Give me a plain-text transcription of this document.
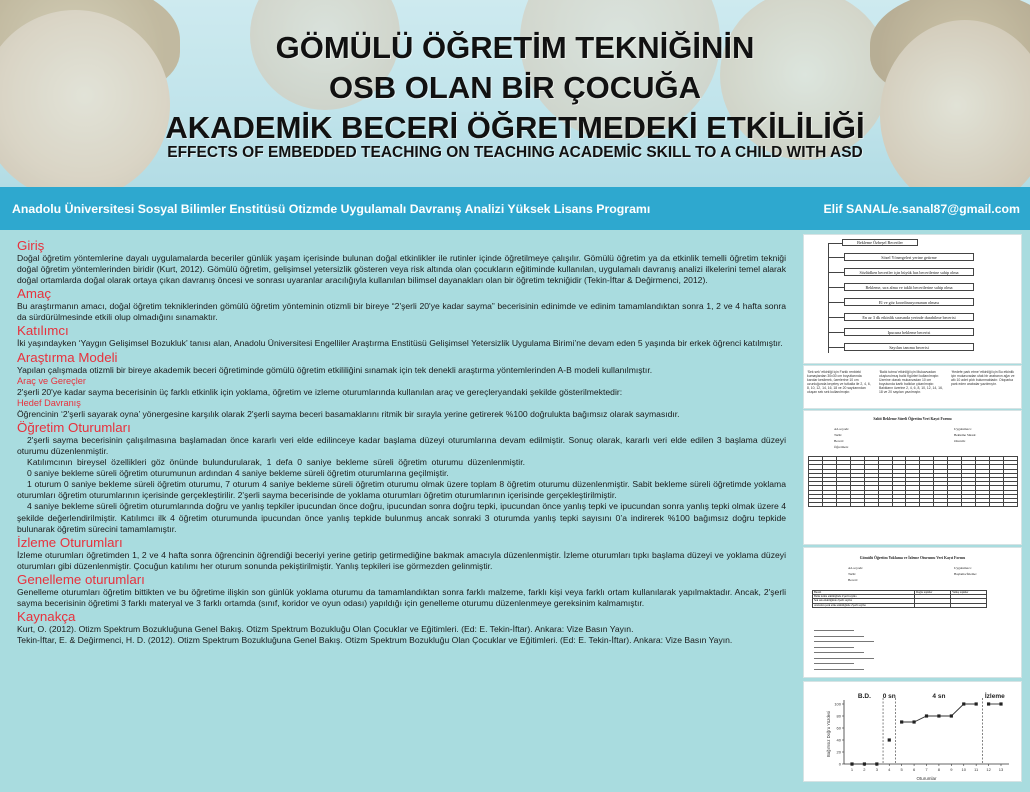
GÖMÜLÜ ÖĞRETİM TEKNİĞİNİN
OSB OLAN BİR ÇOCUĞA
AKADEMİK BECERİ ÖĞRETMEDEKİ ETKİLİLİĞİ
EFFECTS OF EMBEDDED TEACHING ON TEACHING ACADEMİC SKILL TO A CHILD WITH ASD
Anadolu Üniversitesi Sosyal Bilimler Enstitüsü Otizmde Uygulamalı Davranış Analizi Yüksek Lisans Programı	Elif SANAL/e.sanal87@gmail.com
Giriş

Doğal öğretim yöntemlerine dayalı uygulamalarda beceriler günlük yaşam içerisinde bulunan doğal etkinlikler ile rutinler içinde öğretilmeye çalışılır. Gömülü öğretim ya da etkinlik temelli öğretim tekniği doğal öğretim yöntemlerinden biridir (Kurt, 2012). Gömülü öğretim, gelişimsel yetersizlik gösteren veya risk altında olan çocukların eğitiminde kullanılan, uygulamalı davranış analizi ilkelerini temel alarak doğal ortamlarda doğal olarak ortaya çıkan davranış öncesi ve sonrası uyaranlar aracılığıyla kullanılan bilimsel dayanakları olan bir öğretim tekniğidir (Tekin-İftar & Değirmenci, 2012).

Amaç

Bu araştırmanın amacı, doğal öğretim tekniklerinden gömülü öğretim yönteminin otizmli bir bireye “2'şerli 20'ye kadar sayma” becerisinin edinimde ve edinim tamamlandıktan sonra 1, 2 ve 4 hafta sonra da sürdürülmesinde etkili olup olmadığını sınamaktır.

Katılımcı

İki yaşındayken ‘Yaygın Gelişimsel Bozukluk’ tanısı alan, Anadolu Üniversitesi Engelliler Araştırma Enstitüsü Gelişimsel Yetersizlik Uygulama Birimi’ne devam eden 5 yaşında bir erkek öğrenci katılmıştır.

Araştırma Modeli

Yapılan çalışmada otizmli bir bireye akademik beceri öğretiminde gömülü öğretim etkililiğini sınamak için tek denekli araştırma yöntemlerinden A-B modeli kullanılmıştır.

Araç ve Gereçler

2'şerli 20'ye kadar sayma becerisinin üç farklı etkinlik için yoklama, öğretim ve izleme oturumlarında kullanılan araç ve gereçleryandaki şekilde gösterilmektedir:

Hedef Davranış

Öğrencinin ‘2'şerli sayarak oyna’ yönergesine karşılık olarak 2'şerli sayma beceri basamaklarını ritmik bir sırayla yerine getirerek %100 doğrulukta bağımsız olarak saymasıdır.

Öğretim Oturumları

2'şerli sayma becerisinin çalışılmasına başlamadan önce kararlı veri elde edilinceye kadar başlama düzeyi oturumlarına devam edilmiştir. Sonuç olarak, kararlı veri elde edilen 3 başlama düzeyi oturumu düzenlenmiştir.

Katılımcının bireysel özellikleri göz önünde bulundurularak, 1 defa 0 saniye bekleme süreli öğretim oturumu düzenlenmiştir.

0 saniye bekleme süreli öğretim oturumunun ardından 4 saniye bekleme süreli öğretim oturumlarına geçilmiştir.

1 oturum 0 saniye bekleme süreli öğretim oturumu, 7 oturum 4 saniye bekleme süreli öğretim oturumu olmak üzere toplam 8 öğretim oturumu düzenlenmiştir. Sabit bekleme süreli öğretimde yoklama oturumları öğretim oturumlarının içerisinde gerçekleştirilir. 2'şerli sayma becerisinde de yoklama oturumları öğretim oturumlarının içerisinde gerçekleştirilmiştir.

4 saniye bekleme süreli öğretim oturumlarında doğru ve yanlış tepkiler ipucundan önce doğru, ipucundan sonra doğru tepki, ipucundan önce yanlış tepki ve ipucundan sonra yanlış tepki olmak üzere 4 şekilde değerlendirilmiştir. Katılımcı ilk 4 öğretim oturumunda ipucundan önce yanlış tepkide bulunmuş ancak sonraki 3 oturumda yanlış tepki sayısını 0’a indirerek %100 bağımsız doğru tepkide bulunarak öğretim sürecini tamamlamıştır.

İzleme Oturumları

İzleme oturumları öğretimden 1, 2 ve 4 hafta sonra öğrencinin öğrendiği beceriyi yerine getirip getirmediğine bakmak amacıyla düzenlenmiştir. İzleme oturumları tıpkı başlama düzeyi ve yoklama düzeyi oturumları gibi düzenlenmiştir. Çocuğun katılımı her oturum sonunda pekiştirilmiştir. Yanlış tepkileri ise görmezden gelinmiştir.

Genelleme oturumları

Genelleme oturumları öğretim bittikten ve bu öğretime ilişkin son günlük yoklama oturumu da tamamlandıktan sonra farklı malzeme, farklı kişi veya farklı ortam kullanılarak yapılmaktadır. Ancak, 2'şerli sayma becerisinin öğretimi 3 farklı materyal ve 3 farklı ortamda (sınıf, koridor ve oyun odası) yapıldığı için genelleme oturumu düzenlenmeye gereksinim kalmamıştır.

Kaynakça

Kurt, O. (2012). Otizm Spektrum Bozukluğuna Genel Bakış. Otizm Spektrum Bozukluğu Olan Çocuklar ve Eğitimleri. (Ed: E. Tekin-İftar). Ankara: Vize Basın Yayın.

Tekin-İftar, E. & Değirmenci, H. D. (2012). Otizm Spektrum Bozukluğuna Genel Bakış. Otizm Spektrum Bozukluğu Olan Çocuklar ve Eğitimleri. (Ed: E. Tekin-İftar). Ankara: Vize Basın Yayın.

Bekleme Özbeşel Beceriler
Sözel Yönergeleri yerine getirme
Sözlüdken beceriler için büyük has becerilerine sahip olma
Bekleme, sıra alma ve taklit becerilerine sahip olma
El ve göz koordinasyonunun olması
En az 3 dk etkinlik sırasında yerinde durabilme becerisi
Ipucuna bekleme becerisi
Sayıları tanıma becerisi
‘Sek sek’ etkinliği için Farklı renkteki kumaşlardan 30x30 cm boyutlarında karolar kesilerek, üzerlerine 10 cm uzunluğunda keçeleş ve tutkalla ile 2, 4, 6, 8, 10, 12, 14, 16, 18 ve 20 sayılarından oluşan sek sek kullanılmıştır.
‘Balık tutma’ etkinliği için Mukavvadan oluşturulmuş balık figürleri kullanılmıştır. Üzerine olarak mukavvadan 10 cm boyutunda kartlı balıklar çıkarılmıştır. Balıkların üzerine 2, 4, 6, 8, 10, 12, 14, 16, 18 ve 20 sayıları yazılmıştır.
‘Hedefe park etme’ etkinliği için Bu etkinlik için mukavvadan ufak bir arabanın ağzı ve altı 10 adet çıktı bulunmaktadır. Otoparka park eden arabalar yazılmıştır.
Sabit Bekleme Süreli Öğretim Veri Kayıt Formu
Ad-soyadı:
Tarih:
Beceri:
Öğretmen:
Uygulamacı:
Bekleme Süresi:
Oturum:

Gömülü Öğretim Yoklama ve İzleme Oturumu Veri Kayıt Formu
Ad-soyadı:
Tarih:
Beceri:
Uygulamacı:
Başlama/İzleme:
Beceri	Doğru tepkiler	Yanlış tepkiler
Balık tutma etkinliğinde 2'şerli sayma		
Sek sek etkinliğinde 2'şerli sayma		
Arabaları park etme etkinliğinde 2'şerli sayma		
0
20
40
60
80
100
1	2	3	4	5	6	7	8	9 10 11 12 13
Oturumlar
Bağımsız Doğru Yüzdesi
B.D. 0 sn	4 sn	İzleme
